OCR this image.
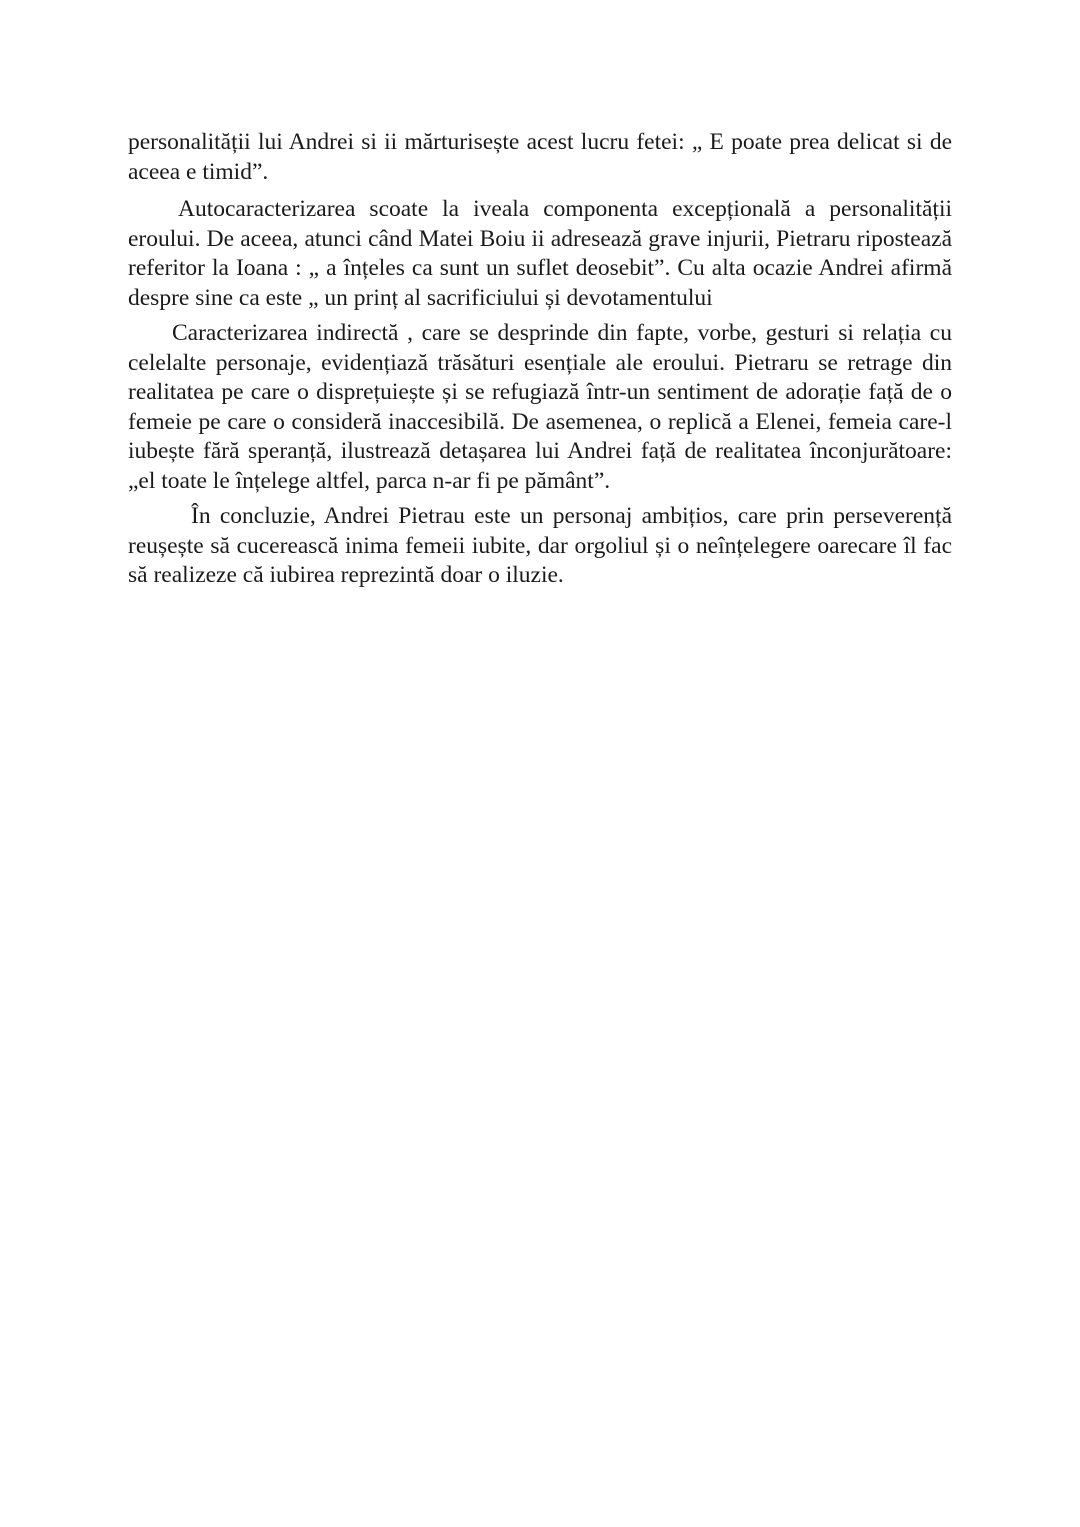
personalității lui Andrei si ii mărturisește acest lucru fetei: „ E poate prea delicat si de aceea e timid”.

Autocaracterizarea scoate la iveala componenta excepțională a personalității eroului. De aceea, atunci când Matei Boiu ii adresează grave injurii, Pietraru ripostează referitor la Ioana : „ a înțeles ca sunt un suflet deosebit”. Cu alta ocazie Andrei afirmă despre sine ca este „ un prinț al sacrificiului și devotamentului

Caracterizarea indirectă , care se desprinde din fapte, vorbe, gesturi si relația cu celelalte personaje, evidențiază trăsături esențiale ale eroului. Pietraru se retrage din realitatea pe care o disprețuiește și se refugiază într-un sentiment de adorație față de o femeie pe care o consideră inaccesibilă. De asemenea, o replică a Elenei, femeia care-l iubește fără speranță, ilustrează detașarea lui Andrei față de realitatea înconjurătoare: „el toate le înțelege altfel, parca n-ar fi pe pământ”.

În concluzie, Andrei Pietrau este un personaj ambițios, care prin perseverență reușește să cucerească inima femeii iubite, dar orgoliul și o neînțelegere oarecare îl fac să realizeze că iubirea reprezintă doar o iluzie.
